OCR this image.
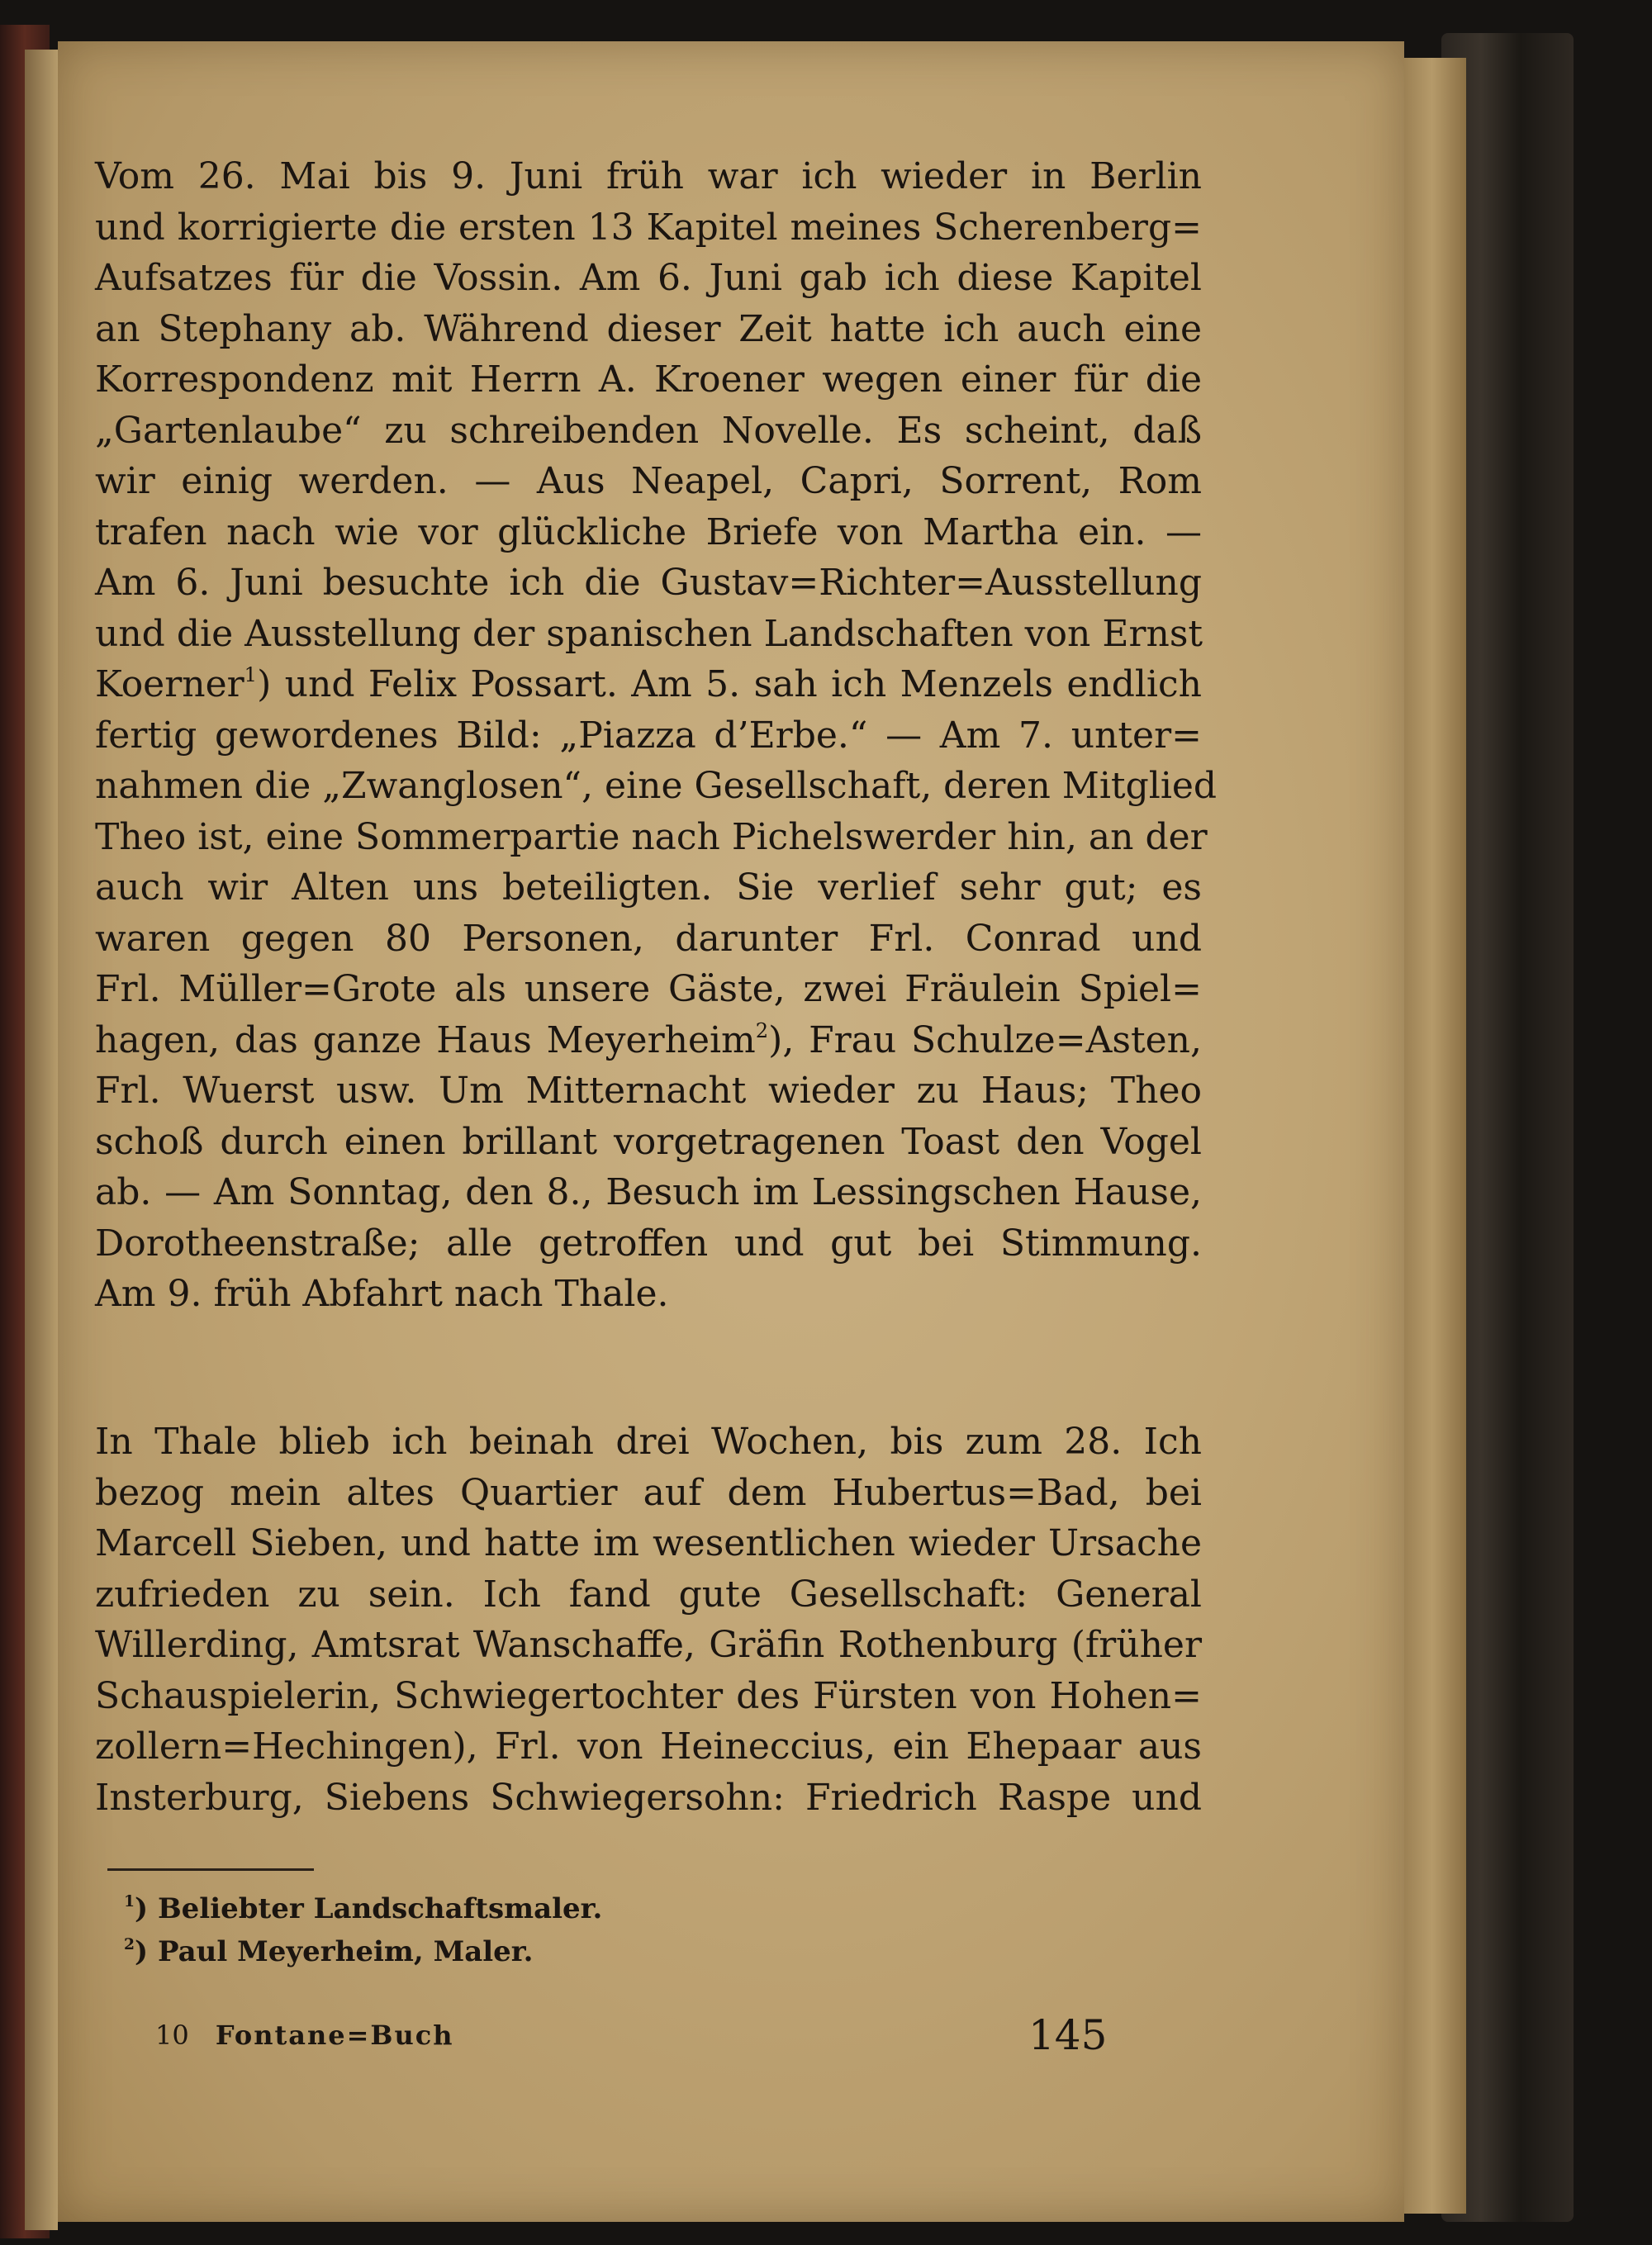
Vom 26. Mai bis 9. Juni früh war ich wieder in Berlin
und korrigierte die ersten 13 Kapitel meines Scherenberg=
Aufsatzes für die Vossin. Am 6. Juni gab ich diese Kapitel
an Stephany ab. Während dieser Zeit hatte ich auch eine
Korrespondenz mit Herrn A. Kroener wegen einer für die
„Gartenlaube“ zu schreibenden Novelle. Es scheint, daß
wir einig werden. — Aus Neapel, Capri, Sorrent, Rom
trafen nach wie vor glückliche Briefe von Martha ein. —
Am 6. Juni besuchte ich die Gustav=Richter=Ausstellung
und die Ausstellung der spanischen Landschaften von Ernst
Koerner$^1$) und Felix Possart. Am 5. sah ich Menzels endlich
fertig gewordenes Bild: „Piazza d’Erbe.“ — Am 7. unter=
nahmen die „Zwanglosen“, eine Gesellschaft, deren Mitglied
Theo ist, eine Sommerpartie nach Pichelswerder hin, an der
auch wir Alten uns beteiligten. Sie verlief sehr gut; es
waren gegen 80 Personen, darunter Frl. Conrad und
Frl. Müller=Grote als unsere Gäste, zwei Fräulein Spiel=
hagen, das ganze Haus Meyerheim$^2$), Frau Schulze=Asten,
Frl. Wuerst usw. Um Mitternacht wieder zu Haus; Theo
schoß durch einen brillant vorgetragenen Toast den Vogel
ab. — Am Sonntag, den 8., Besuch im Lessingschen Hause,
Dorotheenstraße; alle getroffen und gut bei Stimmung.
Am 9. früh Abfahrt nach Thale.
In Thale blieb ich beinah drei Wochen, bis zum 28. Ich
bezog mein altes Quartier auf dem Hubertus=Bad, bei
Marcell Sieben, und hatte im wesentlichen wieder Ursache
zufrieden zu sein. Ich fand gute Gesellschaft: General
Willerding, Amtsrat Wanschaffe, Gräfin Rothenburg (früher
Schauspielerin, Schwiegertochter des Fürsten von Hohen=
zollern=Hechingen), Frl. von Heineccius, ein Ehepaar aus
Insterburg, Siebens Schwiegersohn: Friedrich Raspe und
$^1$) Beliebter Landschaftsmaler.
$^2$) Paul Meyerheim, Maler.
10 Fontane=Buch	145
